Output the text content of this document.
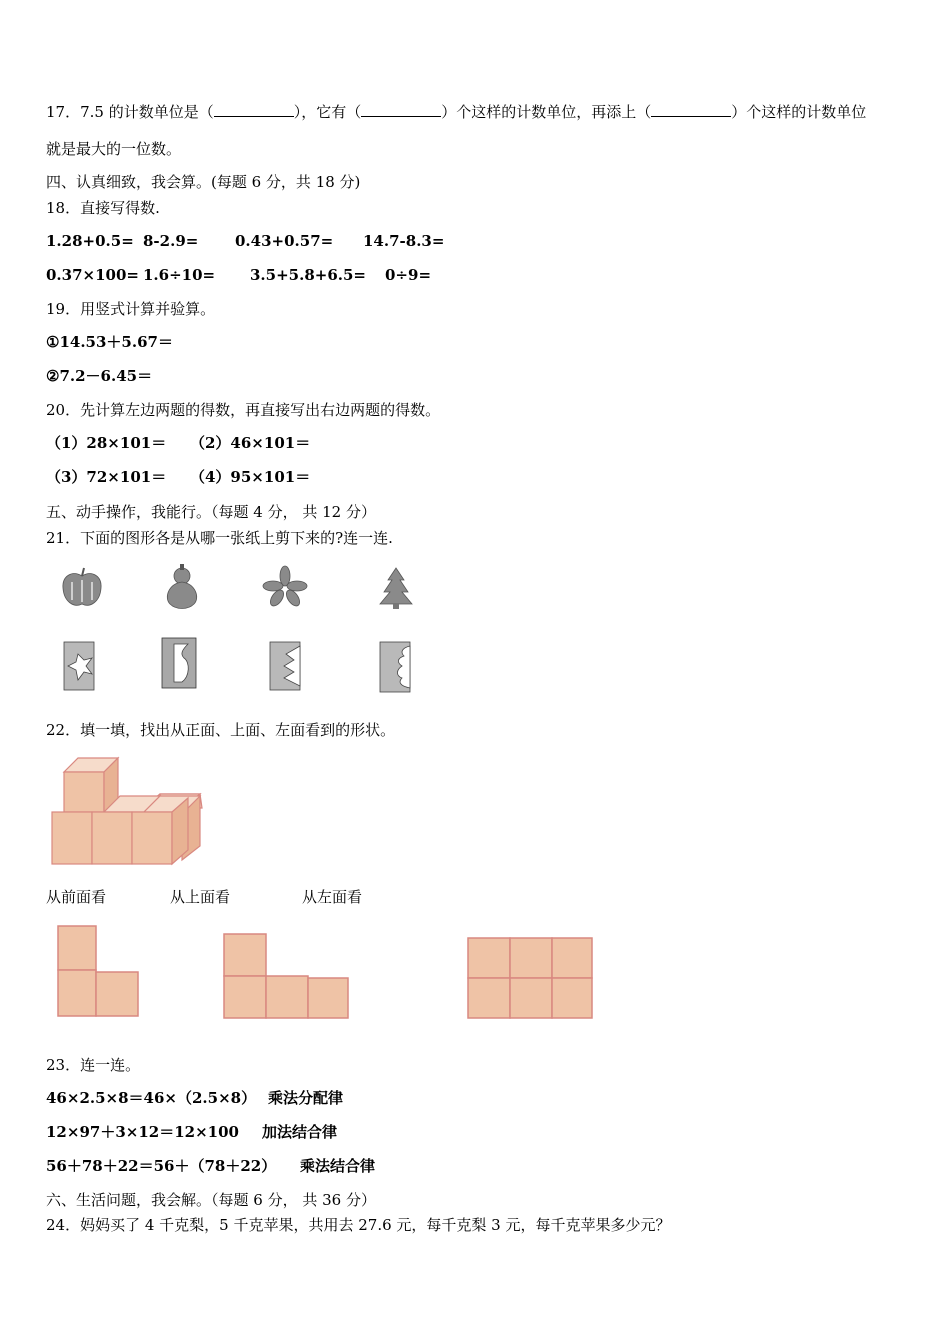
17．7.5 的计数单位是（	），它有（	）个这样的计数单位，再添上（	）个这样的计数单位
就是最大的一位数。
四、认真细致，我会算。(每题 6 分，共 18 分)
18．直接写得数.
1.28+0.5= 8-2.9= 0.43+0.57= 14.7-8.3=
0.37×100= 1.6÷10= 3.5+5.8+6.5= 0÷9=
19．用竖式计算并验算。
①14.53＋5.67＝
②7.2－6.45＝
20．先计算左边两题的得数，再直接写出右边两题的得数。
（1）28×101＝ （2）46×101＝
（3）72×101＝ （4）95×101＝
五、动手操作，我能行。（每题 4 分， 共 12 分）
21．下面的图形各是从哪一张纸上剪下来的?连一连.
22．填一填，找出从正面、上面、左面看到的形状。
从前面看	从上面看	从左面看
23．连一连。
46×2.5×8＝46×（2.5×8） 乘法分配律
12×97＋3×12＝12×100 加法结合律
56＋78＋22＝56＋（78＋22） 乘法结合律
六、生活问题，我会解。（每题 6 分， 共 36 分）
24．妈妈买了 4 千克梨，5 千克苹果，共用去 27.6 元，每千克梨 3 元，每千克苹果多少元？
